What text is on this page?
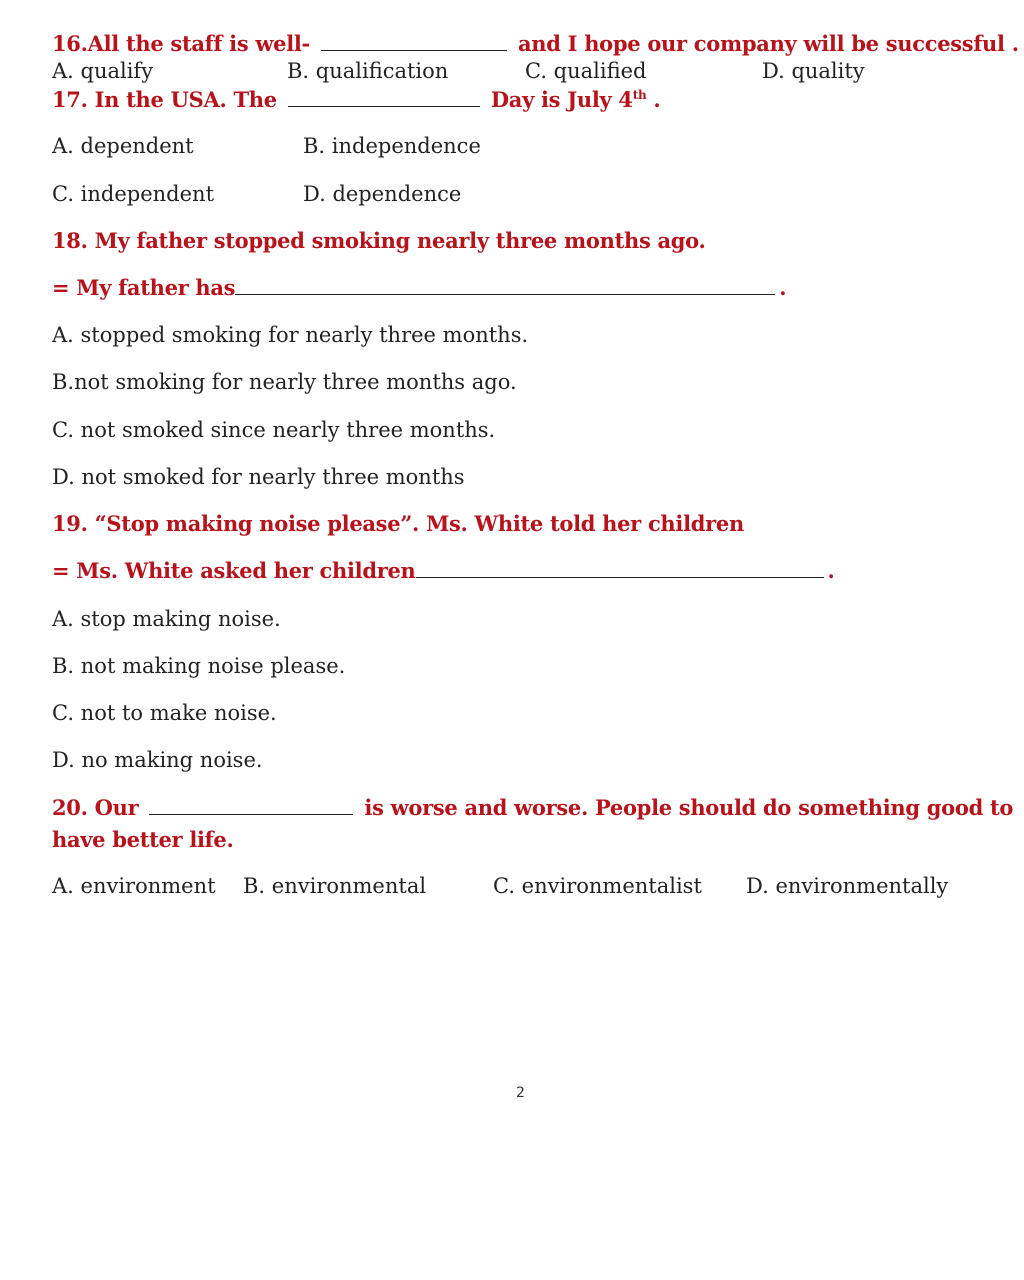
16.All the staff is well-	and I hope our company will be successful .
A. qualify	B. qualification	C. qualified	D. quality
17. In the USA. The	Day is July 4th .
A. dependent	B. independence
C. independent	D. dependence
18. My father stopped smoking nearly three months ago.
= My father has	.
A. stopped smoking for nearly three months.
B.not smoking for nearly three months ago.
C. not smoked since nearly three months.
D. not smoked for nearly three months
19. “Stop making noise please”. Ms. White told her children
= Ms. White asked her children	.
A. stop making noise.
B. not making noise please.
C. not to make noise.
D. no making noise.
20. Our	is worse and worse. People should do something good to
have better life.
A. environment B. environmental	C. environmentalist D. environmentally
2
